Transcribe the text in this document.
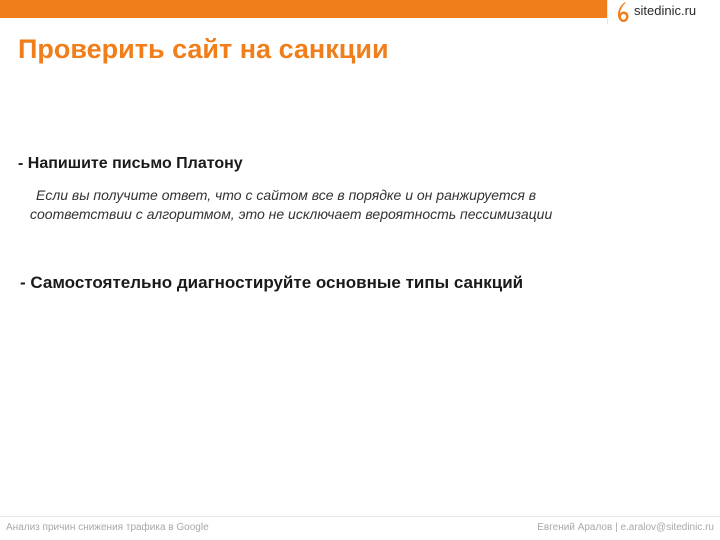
sitedinic.ru
Проверить сайт на санкции
- Напишите письмо Платону
Если вы получите ответ, что с сайтом все в порядке и он ранжируется в
соответствии с алгоритмом, это не исключает вероятность пессимизации
- Самостоятельно диагностируйте основные типы санкций
Анализ причин снижения трафика в Google	Евгений Аралов | e.aralov@sitedinic.ru
